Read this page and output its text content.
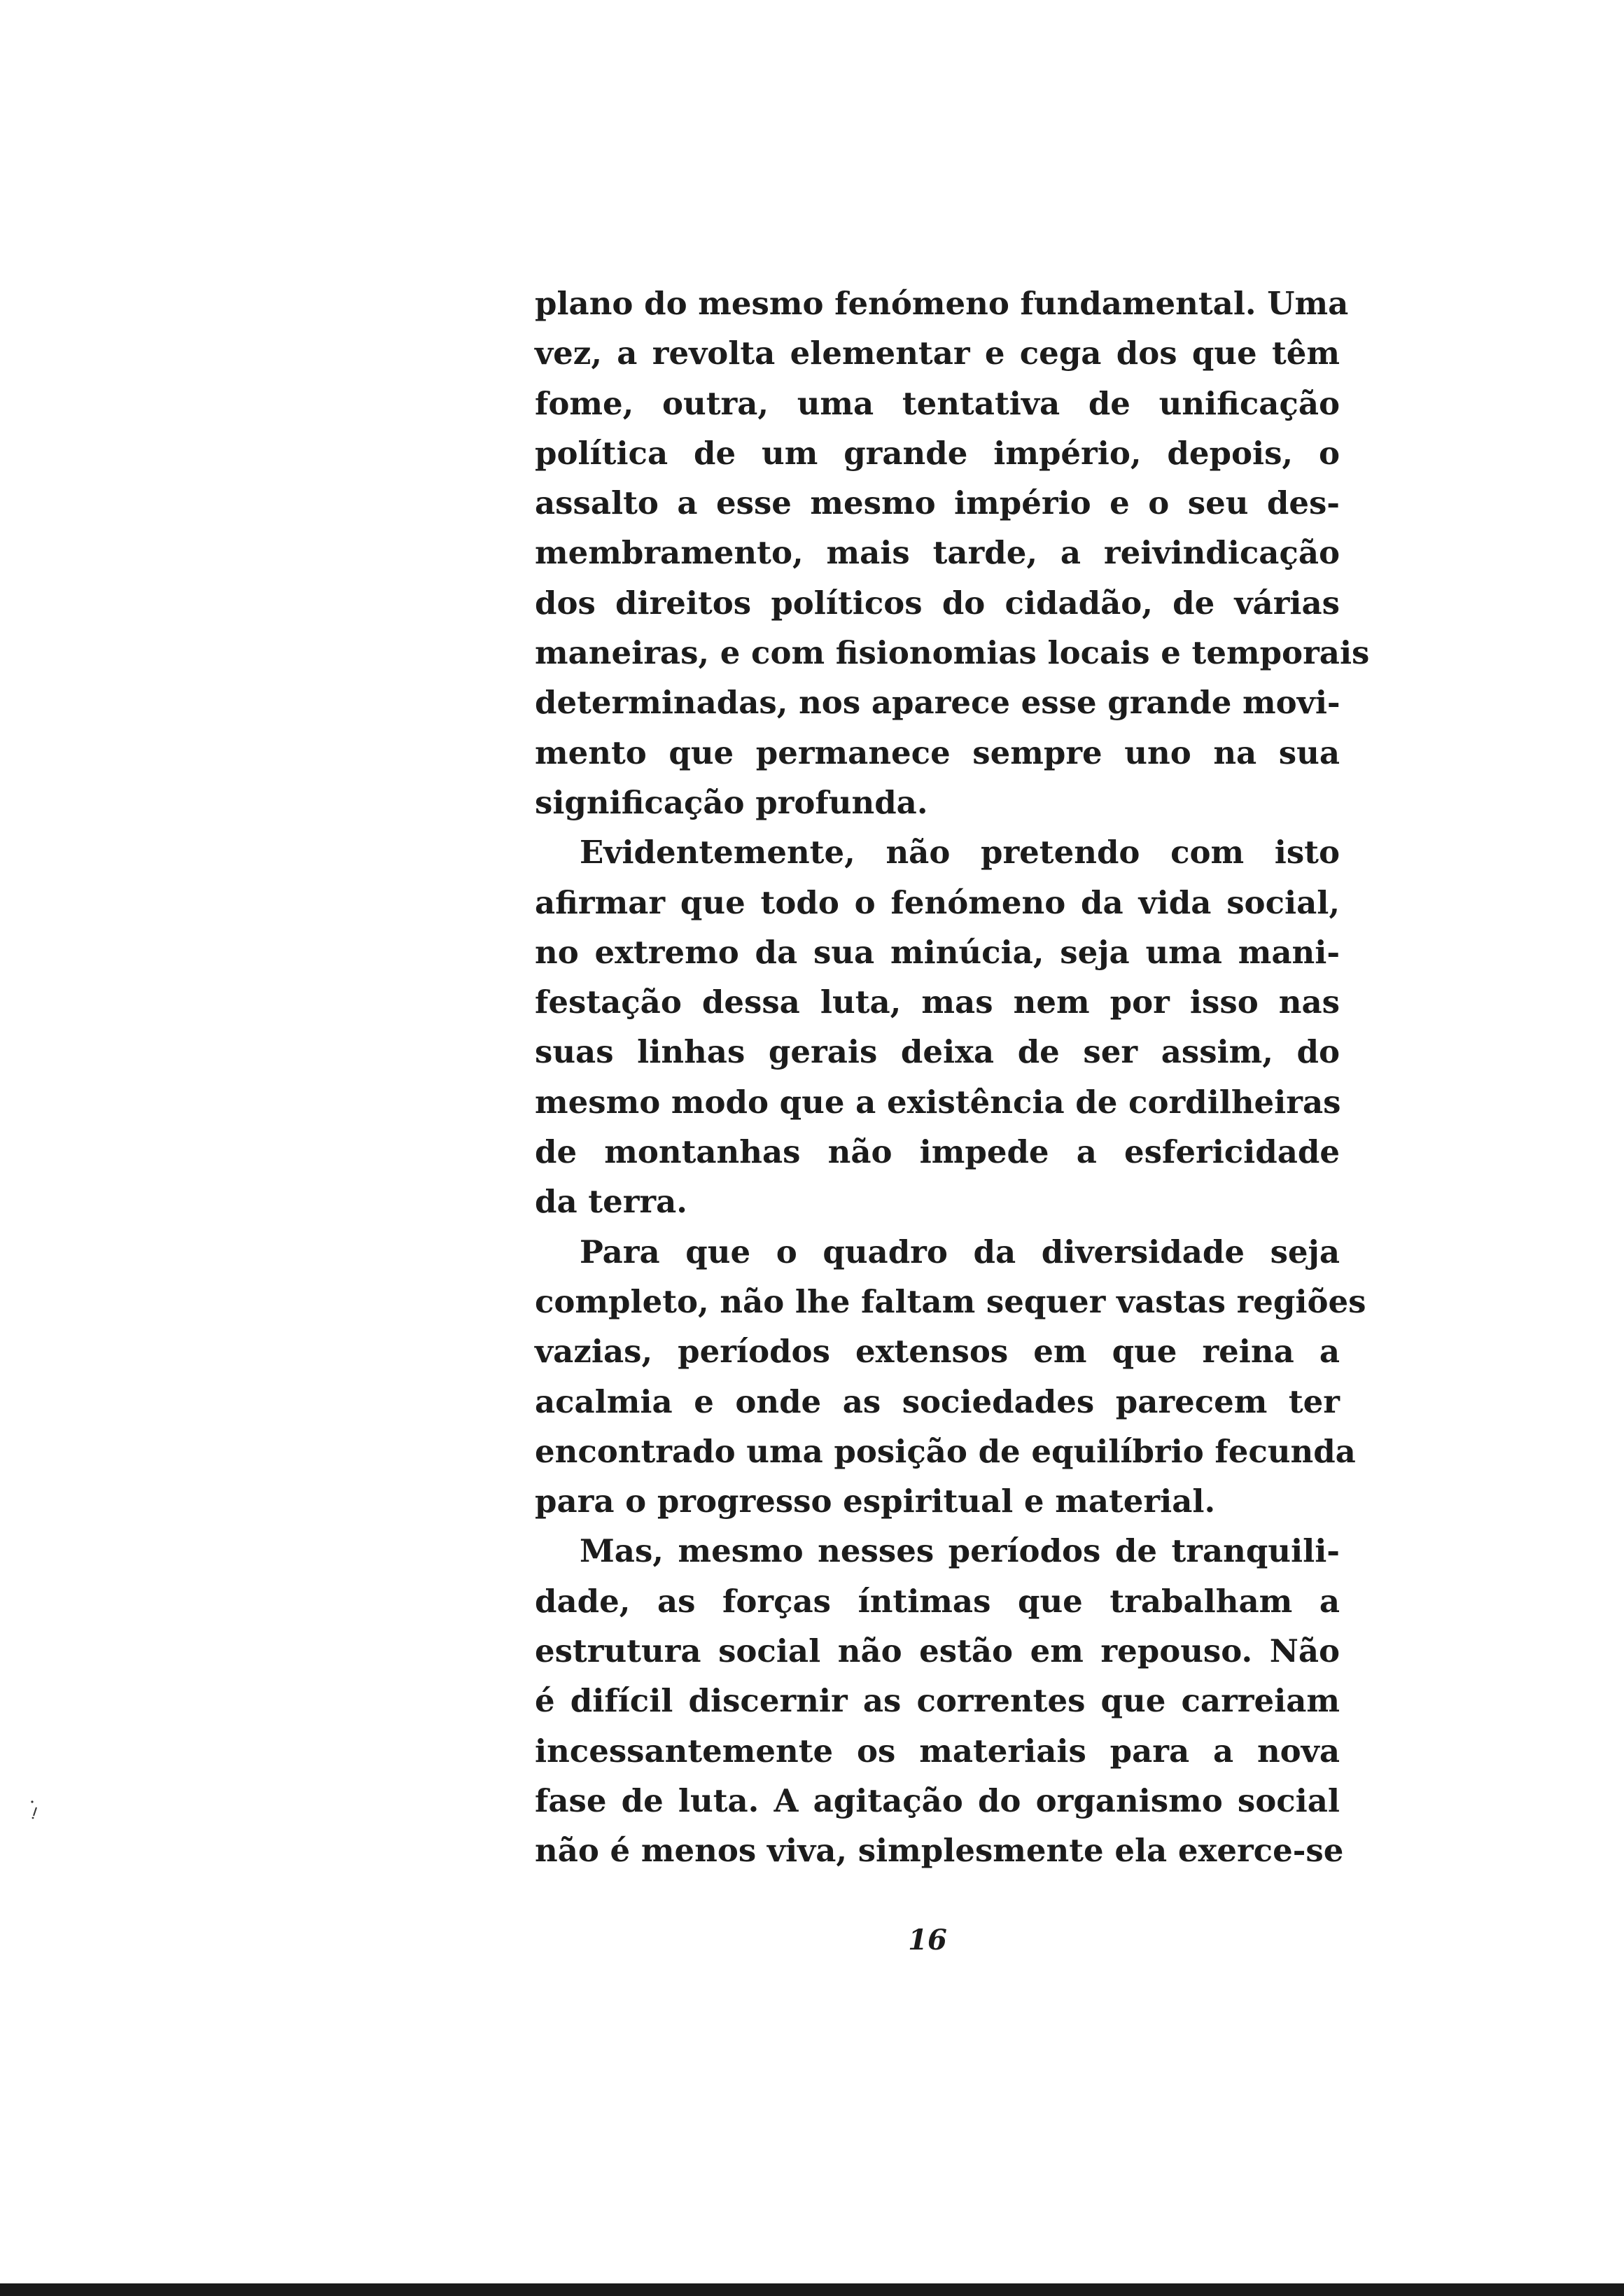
plano do mesmo fenómeno fundamental. Uma
vez, a revolta elementar e cega dos que têm
fome, outra, uma tentativa de unificação
política de um grande império, depois, o
assalto a esse mesmo império e o seu des-
membramento, mais tarde, a reivindicação
dos direitos políticos do cidadão, de várias
maneiras, e com fisionomias locais e temporais
determinadas, nos aparece esse grande movi-
mento que permanece sempre uno na sua
significação profunda.
Evidentemente, não pretendo com isto
afirmar que todo o fenómeno da vida social,
no extremo da sua minúcia, seja uma mani-
festação dessa luta, mas nem por isso nas
suas linhas gerais deixa de ser assim, do
mesmo modo que a existência de cordilheiras
de montanhas não impede a esfericidade
da terra.
Para que o quadro da diversidade seja
completo, não lhe faltam sequer vastas regiões
vazias, períodos extensos em que reina a
acalmia e onde as sociedades parecem ter
encontrado uma posição de equilíbrio fecunda
para o progresso espiritual e material.
Mas, mesmo nesses períodos de tranquili-
dade, as forças íntimas que trabalham a
estrutura social não estão em repouso. Não
é difícil discernir as correntes que carreiam
incessantemente os materiais para a nova
fase de luta. A agitação do organismo social
não é menos viva, simplesmente ela exerce-se
16
